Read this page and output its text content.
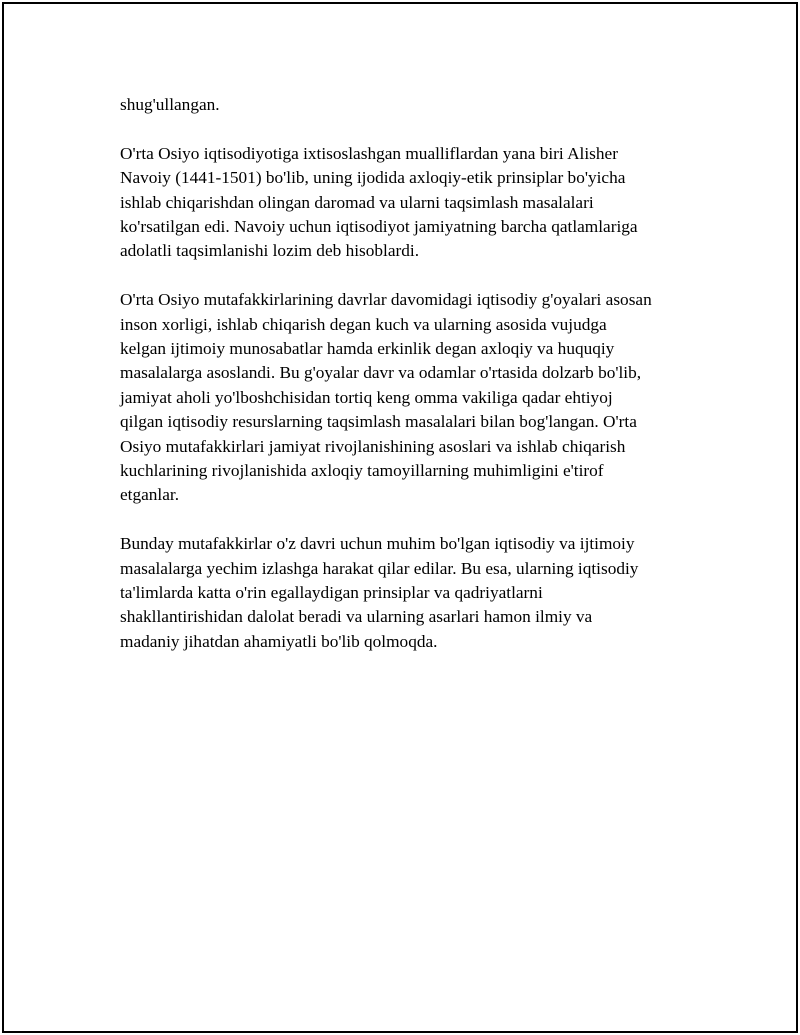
shug'ullangan.

O'rta Osiyo iqtisodiyotiga ixtisoslashgan mualliflardan yana biri Alisher
Navoiy (1441-1501) bo'lib, uning ijodida axloqiy-etik prinsiplar bo'yicha
ishlab chiqarishdan olingan daromad va ularni taqsimlash masalalari
ko'rsatilgan edi. Navoiy uchun iqtisodiyot jamiyatning barcha qatlamlariga
adolatli taqsimlanishi lozim deb hisoblardi.

O'rta Osiyo mutafakkirlarining davrlar davomidagi iqtisodiy g'oyalari asosan
inson xorligi, ishlab chiqarish degan kuch va ularning asosida vujudga
kelgan ijtimoiy munosabatlar hamda erkinlik degan axloqiy va huquqiy
masalalarga asoslandi. Bu g'oyalar davr va odamlar o'rtasida dolzarb bo'lib,
jamiyat aholi yo'lboshchisidan tortiq keng omma vakiliga qadar ehtiyoj
qilgan iqtisodiy resurslarning taqsimlash masalalari bilan bog'langan. O'rta
Osiyo mutafakkirlari jamiyat rivojlanishining asoslari va ishlab chiqarish
kuchlarining rivojlanishida axloqiy tamoyillarning muhimligini e'tirof
etganlar.

Bunday mutafakkirlar o'z davri uchun muhim bo'lgan iqtisodiy va ijtimoiy
masalalarga yechim izlashga harakat qilar edilar. Bu esa, ularning iqtisodiy
ta'limlarda katta o'rin egallaydigan prinsiplar va qadriyatlarni
shakllantirishidan dalolat beradi va ularning asarlari hamon ilmiy va
madaniy jihatdan ahamiyatli bo'lib qolmoqda.
